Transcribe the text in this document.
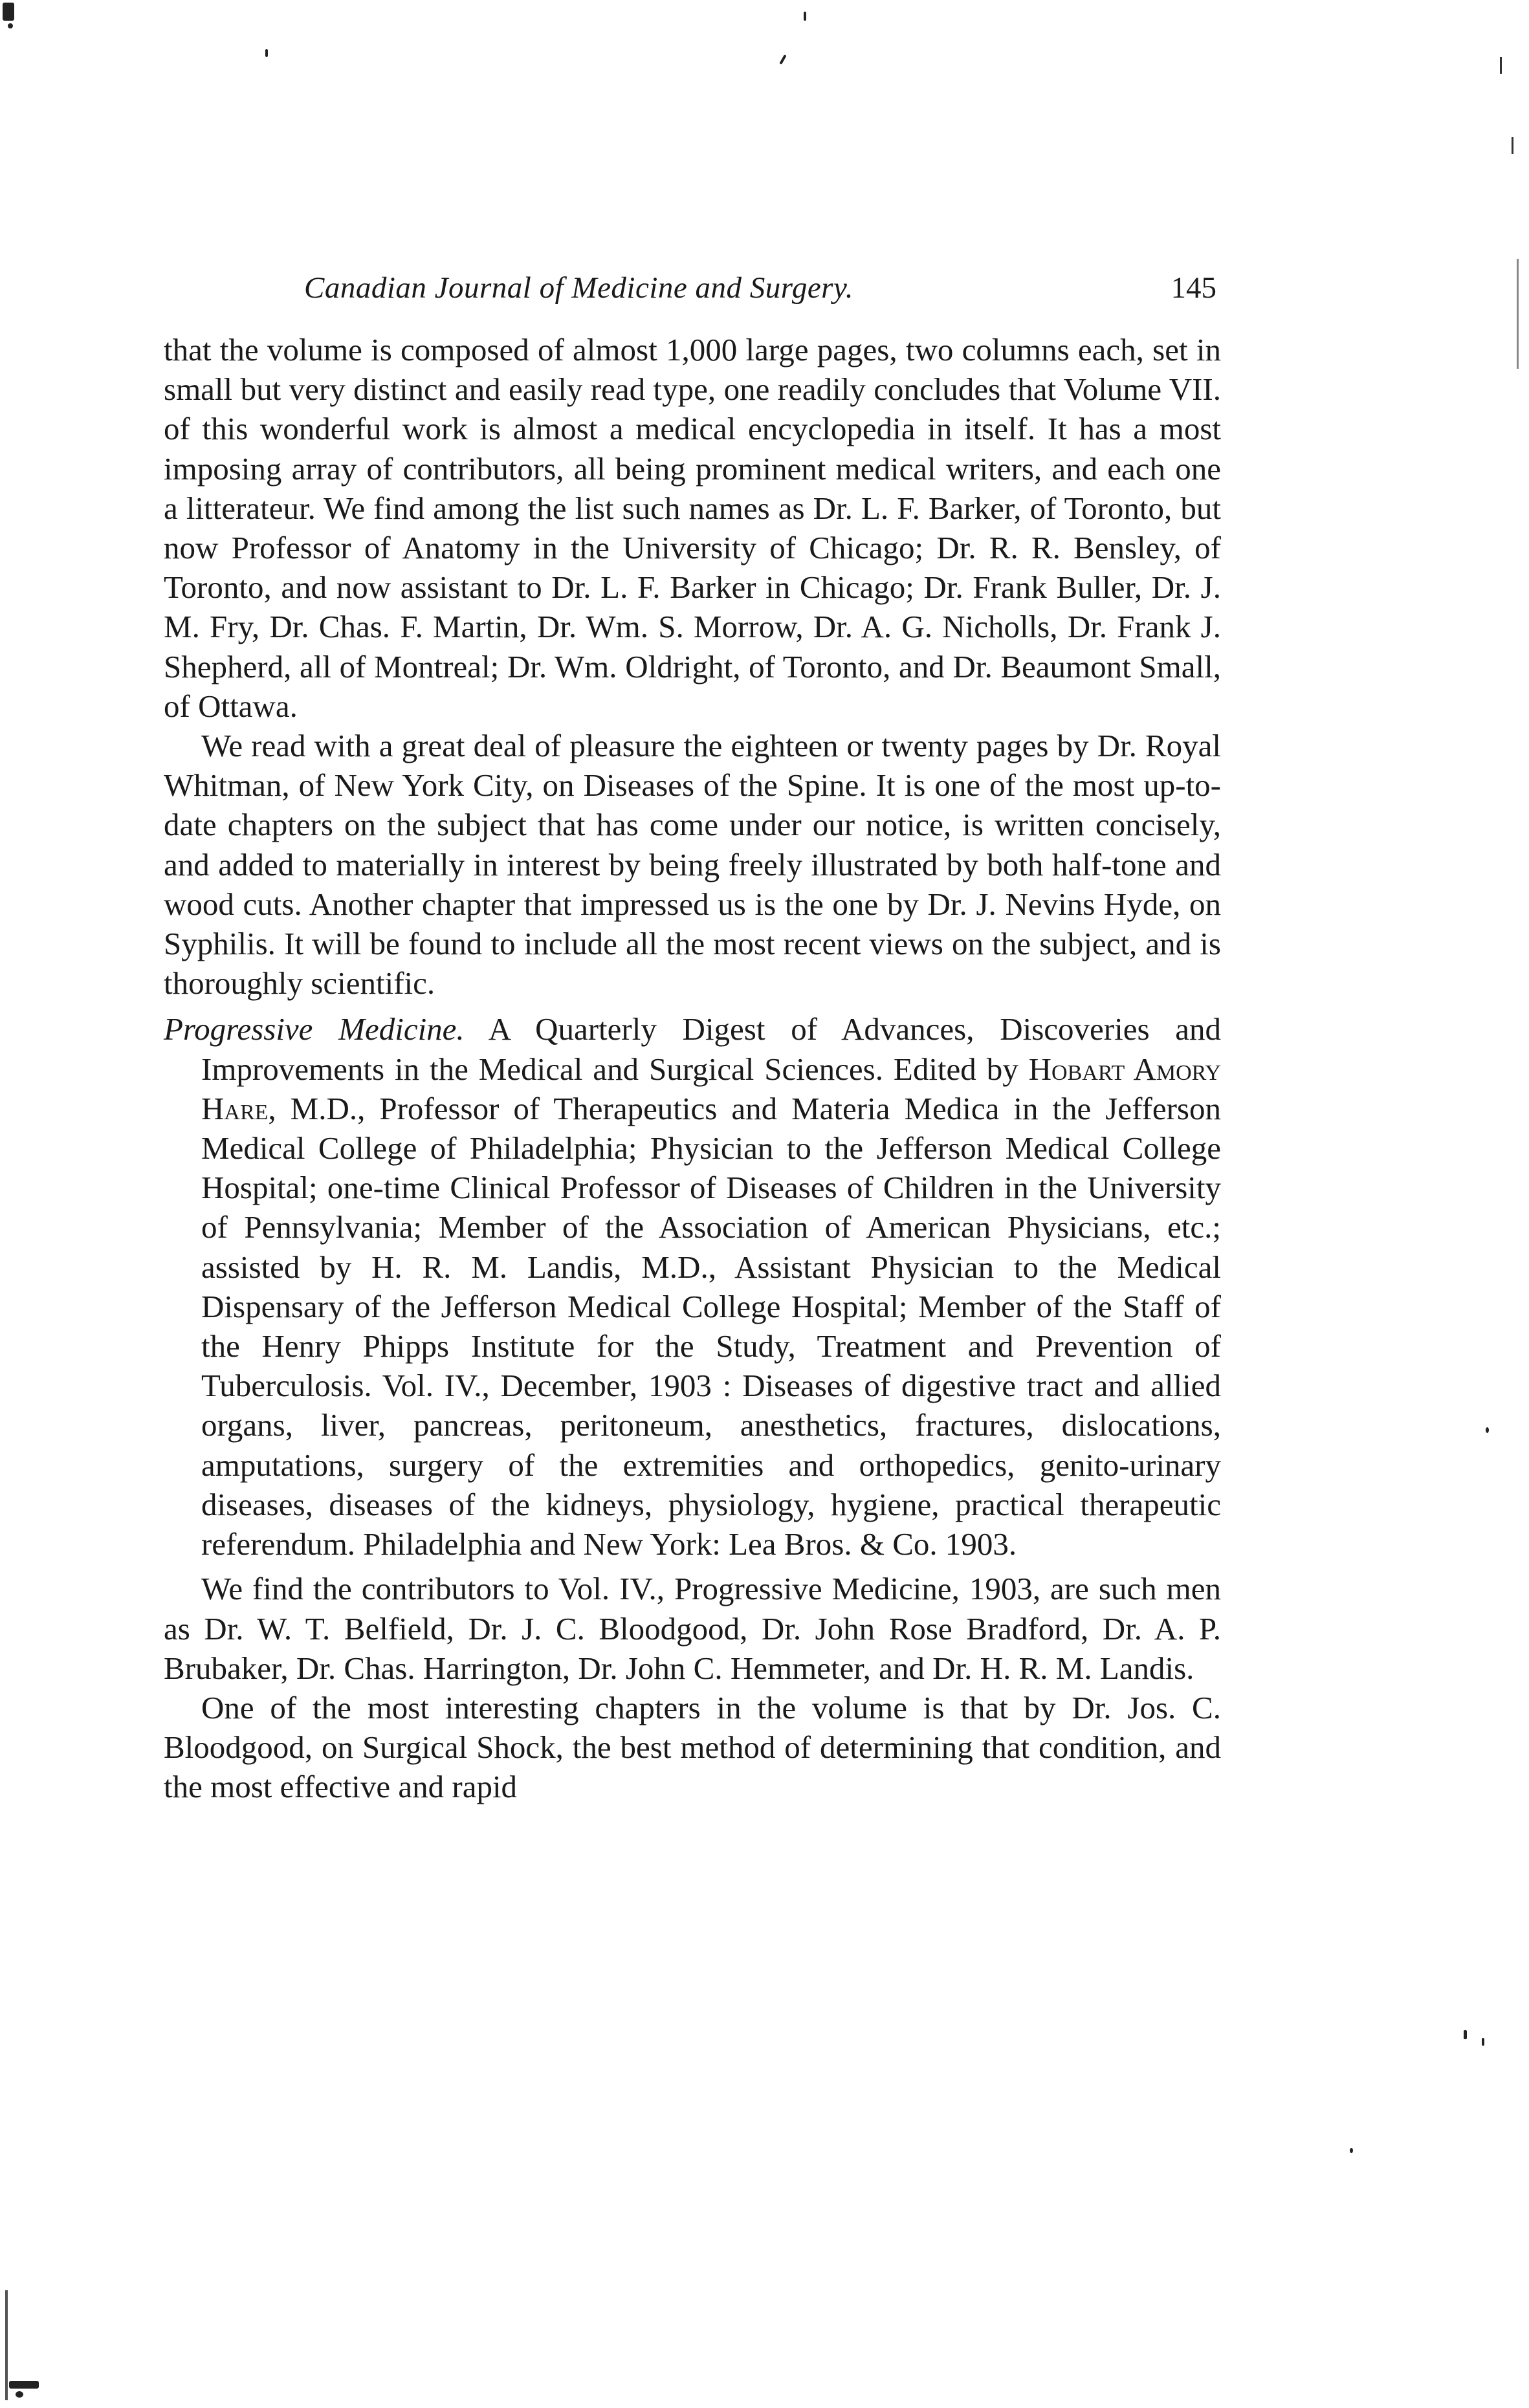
Canadian Journal of Medicine and Surgery.	145

that the volume is composed of almost 1,000 large pages, two columns each, set in small but very distinct and easily read type, one readily concludes that Volume VII. of this wonderful work is almost a medical encyclopedia in itself. It has a most imposing array of contributors, all being prominent medical writers, and each one a litterateur. We find among the list such names as Dr. L. F. Barker, of Toronto, but now Professor of Anatomy in the University of Chicago; Dr. R. R. Bensley, of Toronto, and now assistant to Dr. L. F. Barker in Chicago; Dr. Frank Buller, Dr. J. M. Fry, Dr. Chas. F. Martin, Dr. Wm. S. Morrow, Dr. A. G. Nicholls, Dr. Frank J. Shepherd, all of Montreal; Dr. Wm. Oldright, of Toronto, and Dr. Beaumont Small, of Ottawa.

We read with a great deal of pleasure the eighteen or twenty pages by Dr. Royal Whitman, of New York City, on Diseases of the Spine. It is one of the most up-to-date chapters on the subject that has come under our notice, is written concisely, and added to materially in interest by being freely illustrated by both half-tone and wood cuts. Another chapter that impressed us is the one by Dr. J. Nevins Hyde, on Syphilis. It will be found to include all the most recent views on the subject, and is thoroughly scientific.

Progressive Medicine. A Quarterly Digest of Advances, Discoveries and Improvements in the Medical and Surgical Sciences. Edited by Hobart Amory Hare, M.D., Professor of Therapeutics and Materia Medica in the Jefferson Medical College of Philadelphia; Physician to the Jefferson Medical College Hospital; one-time Clinical Professor of Diseases of Children in the University of Pennsylvania; Member of the Association of American Physicians, etc.; assisted by H. R. M. Landis, M.D., Assistant Physician to the Medical Dispensary of the Jefferson Medical College Hospital; Member of the Staff of the Henry Phipps Institute for the Study, Treatment and Prevention of Tuberculosis. Vol. IV., December, 1903 : Diseases of digestive tract and allied organs, liver, pancreas, peritoneum, anesthetics, fractures, dislocations, amputations, surgery of the extremities and orthopedics, genito-urinary diseases, diseases of the kidneys, physiology, hygiene, practical therapeutic referendum. Philadelphia and New York: Lea Bros. & Co. 1903.

We find the contributors to Vol. IV., Progressive Medicine, 1903, are such men as Dr. W. T. Belfield, Dr. J. C. Bloodgood, Dr. John Rose Bradford, Dr. A. P. Brubaker, Dr. Chas. Harrington, Dr. John C. Hemmeter, and Dr. H. R. M. Landis.

One of the most interesting chapters in the volume is that by Dr. Jos. C. Bloodgood, on Surgical Shock, the best method of determining that condition, and the most effective and rapid
